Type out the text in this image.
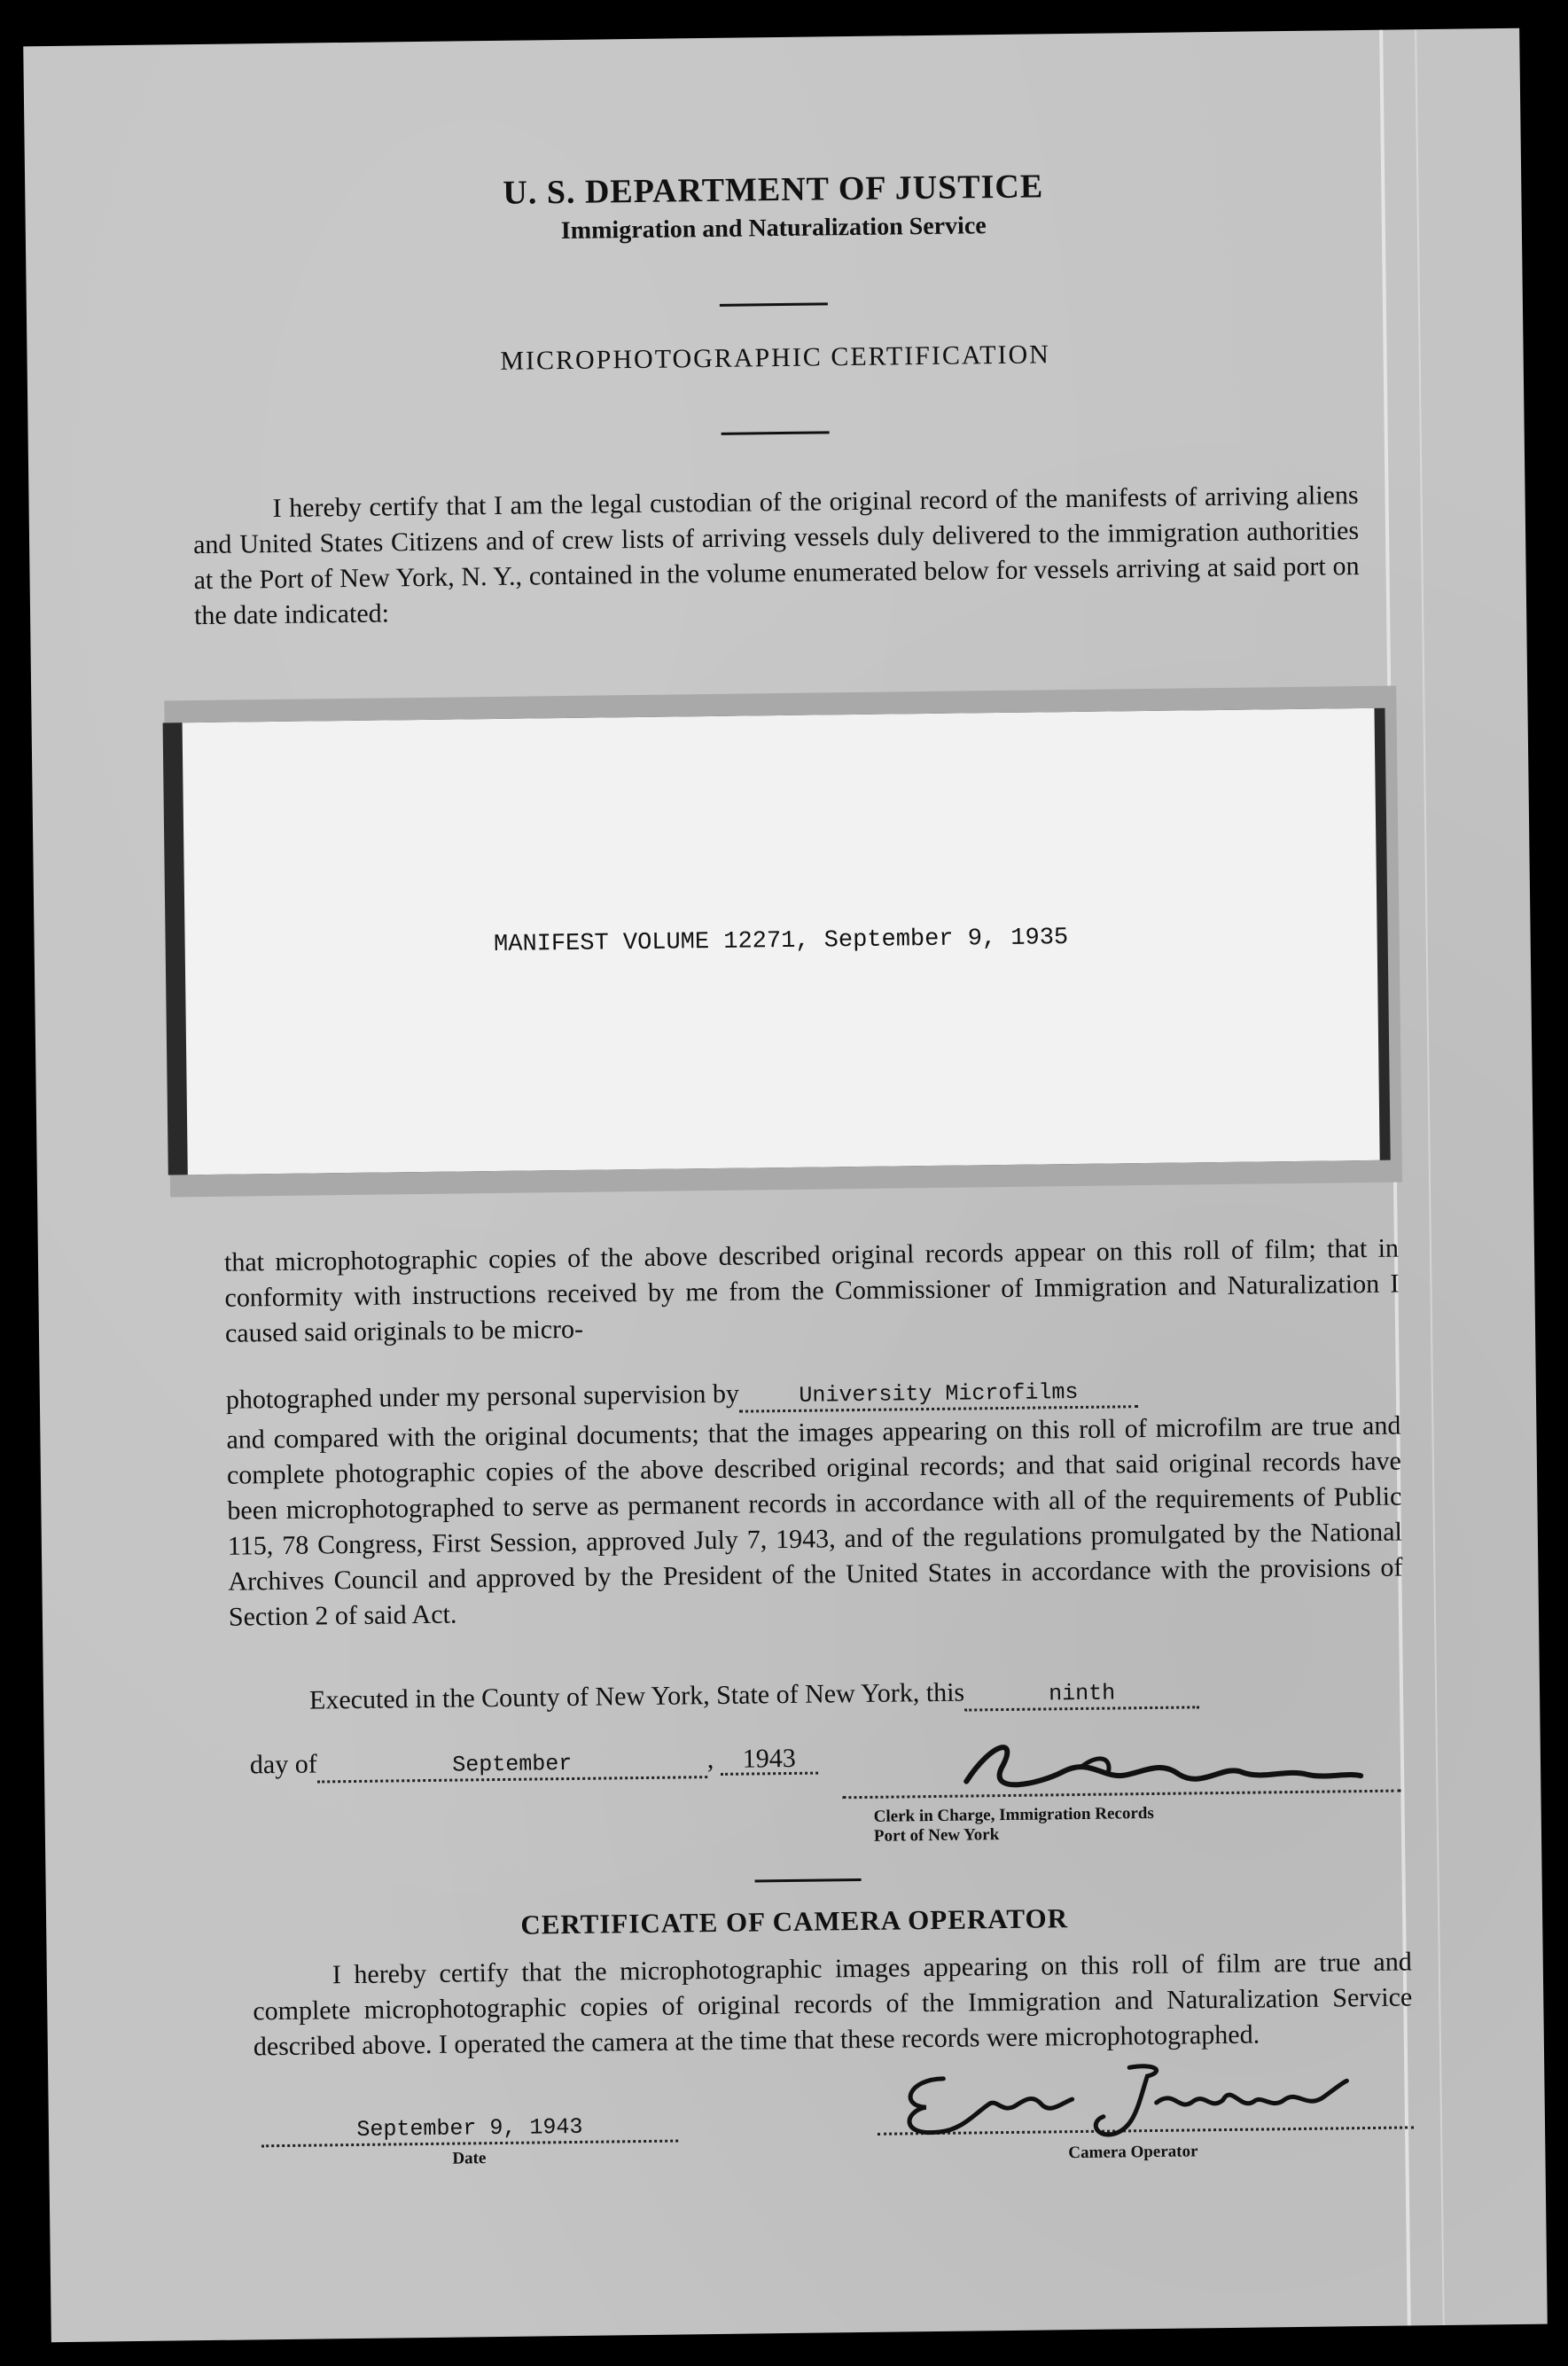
U. S. DEPARTMENT OF JUSTICE
Immigration and Naturalization Service
MICROPHOTOGRAPHIC CERTIFICATION

I hereby certify that I am the legal custodian of the original record of the manifests of arriving aliens and United States Citizens and of crew lists of arriving vessels duly delivered to the immigration authorities at the Port of New York, N. Y., contained in the volume enumerated below for vessels arriving at said port on the date indicated:

MANIFEST VOLUME 12271, September 9, 1935

that microphotographic copies of the above described original records appear on this roll of film; that in conformity with instructions received by me from the Commissioner of Immigration and Naturalization I caused said originals to be micro-

photographed under my personal supervision by	University Microfilms

and compared with the original documents; that the images appearing on this roll of microfilm are true and complete photographic copies of the above described original records; and that said original records have been microphotographed to serve as permanent records in accordance with all of the requirements of Public 115, 78 Congress, First Session, approved July 7, 1943, and of the regulations promulgated by the National Archives Council and approved by the President of the United States in accordance with the provisions of Section 2 of said Act.

Executed in the County of New York, State of New York, this	ninth
day of	September	, 1943
Clerk in Charge, Immigration Records
Port of New York
CERTIFICATE OF CAMERA OPERATOR

I hereby certify that the microphotographic images appearing on this roll of film are true and complete microphotographic copies of original records of the Immigration and Naturalization Service described above. I operated the camera at the time that these records were microphotographed.

September 9, 1943
Date	Camera Operator
